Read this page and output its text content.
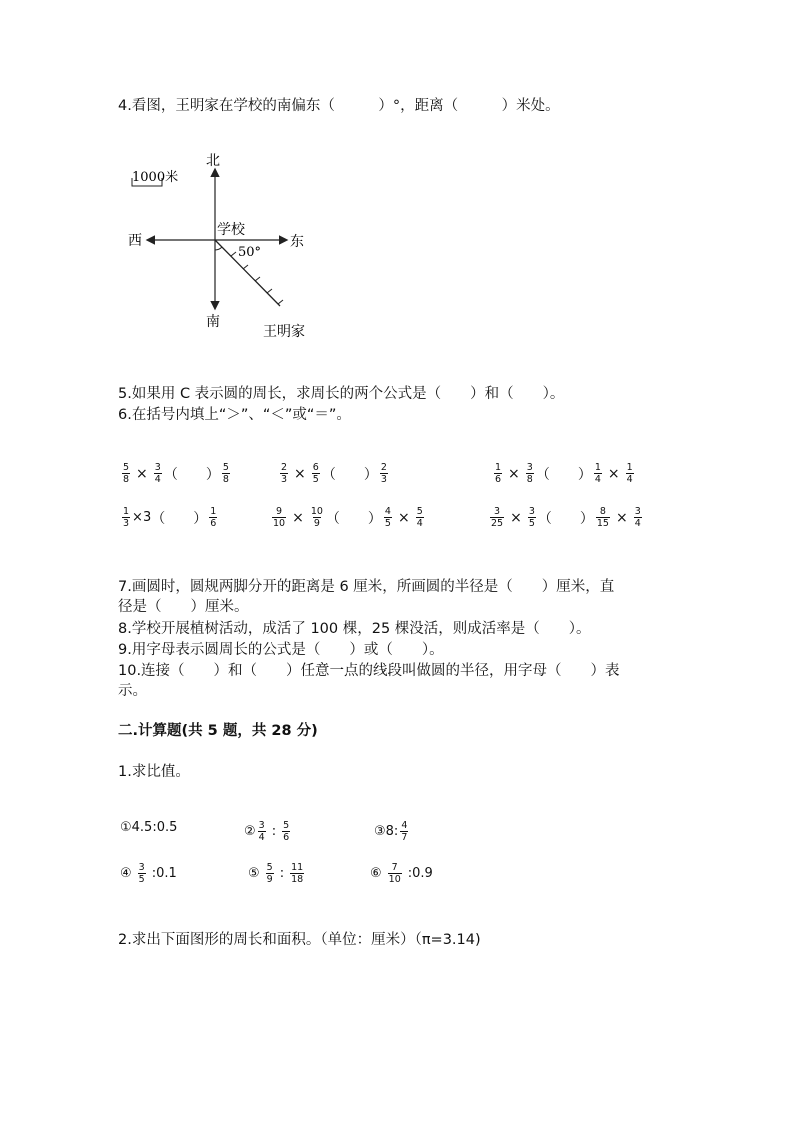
4.看图，王明家在学校的南偏东（　　　）°，距离（　　　）米处。
1000米
北
南
西	东
学校
50°
王明家
5.如果用 C 表示圆的周长，求周长的两个公式是（　　）和（　　）。
6.在括号内填上“＞”、“＜”或“＝”。
$\frac{5}{8} \times \frac{3}{4}$ （　　） $\frac{5}{8}$	$\frac{2}{3} \times \frac{6}{5}$ （　　） $\frac{2}{3}$	$\frac{1}{6} \times \frac{3}{8}$ （　　） $\frac{1}{4} \times \frac{1}{4}$
$\frac{1}{3} \times 3$ （　　） $\frac{1}{6}$	$\frac{9}{10} \times \frac{10}{9}$ （　　） $\frac{4}{5} \times \frac{5}{4}$	$\frac{3}{25} \times \frac{3}{5}$ （　　） $\frac{8}{15} \times \frac{3}{4}$
7.画圆时，圆规两脚分开的距离是 6 厘米，所画圆的半径是（　　）厘米，直
径是（　　）厘米。
8.学校开展植树活动，成活了 100 棵，25 棵没活，则成活率是（　　）。
9.用字母表示圆周长的公式是（　　）或（　　）。
10.连接（　　）和（　　）任意一点的线段叫做圆的半径，用字母（　　）表
示。
二.计算题(共 5 题，共 28 分)
1.求比值。
①4.5:0.5	② $\frac{3}{4}$ : $\frac{5}{6}$	③8: $\frac{4}{7}$
④ $\frac{3}{5}$ :0.1	⑤ $\frac{5}{9}$ : $\frac{11}{18}$	⑥ $\frac{7}{10}$ :0.9
2.求出下面图形的周长和面积。（单位：厘米）（π=3.14)
